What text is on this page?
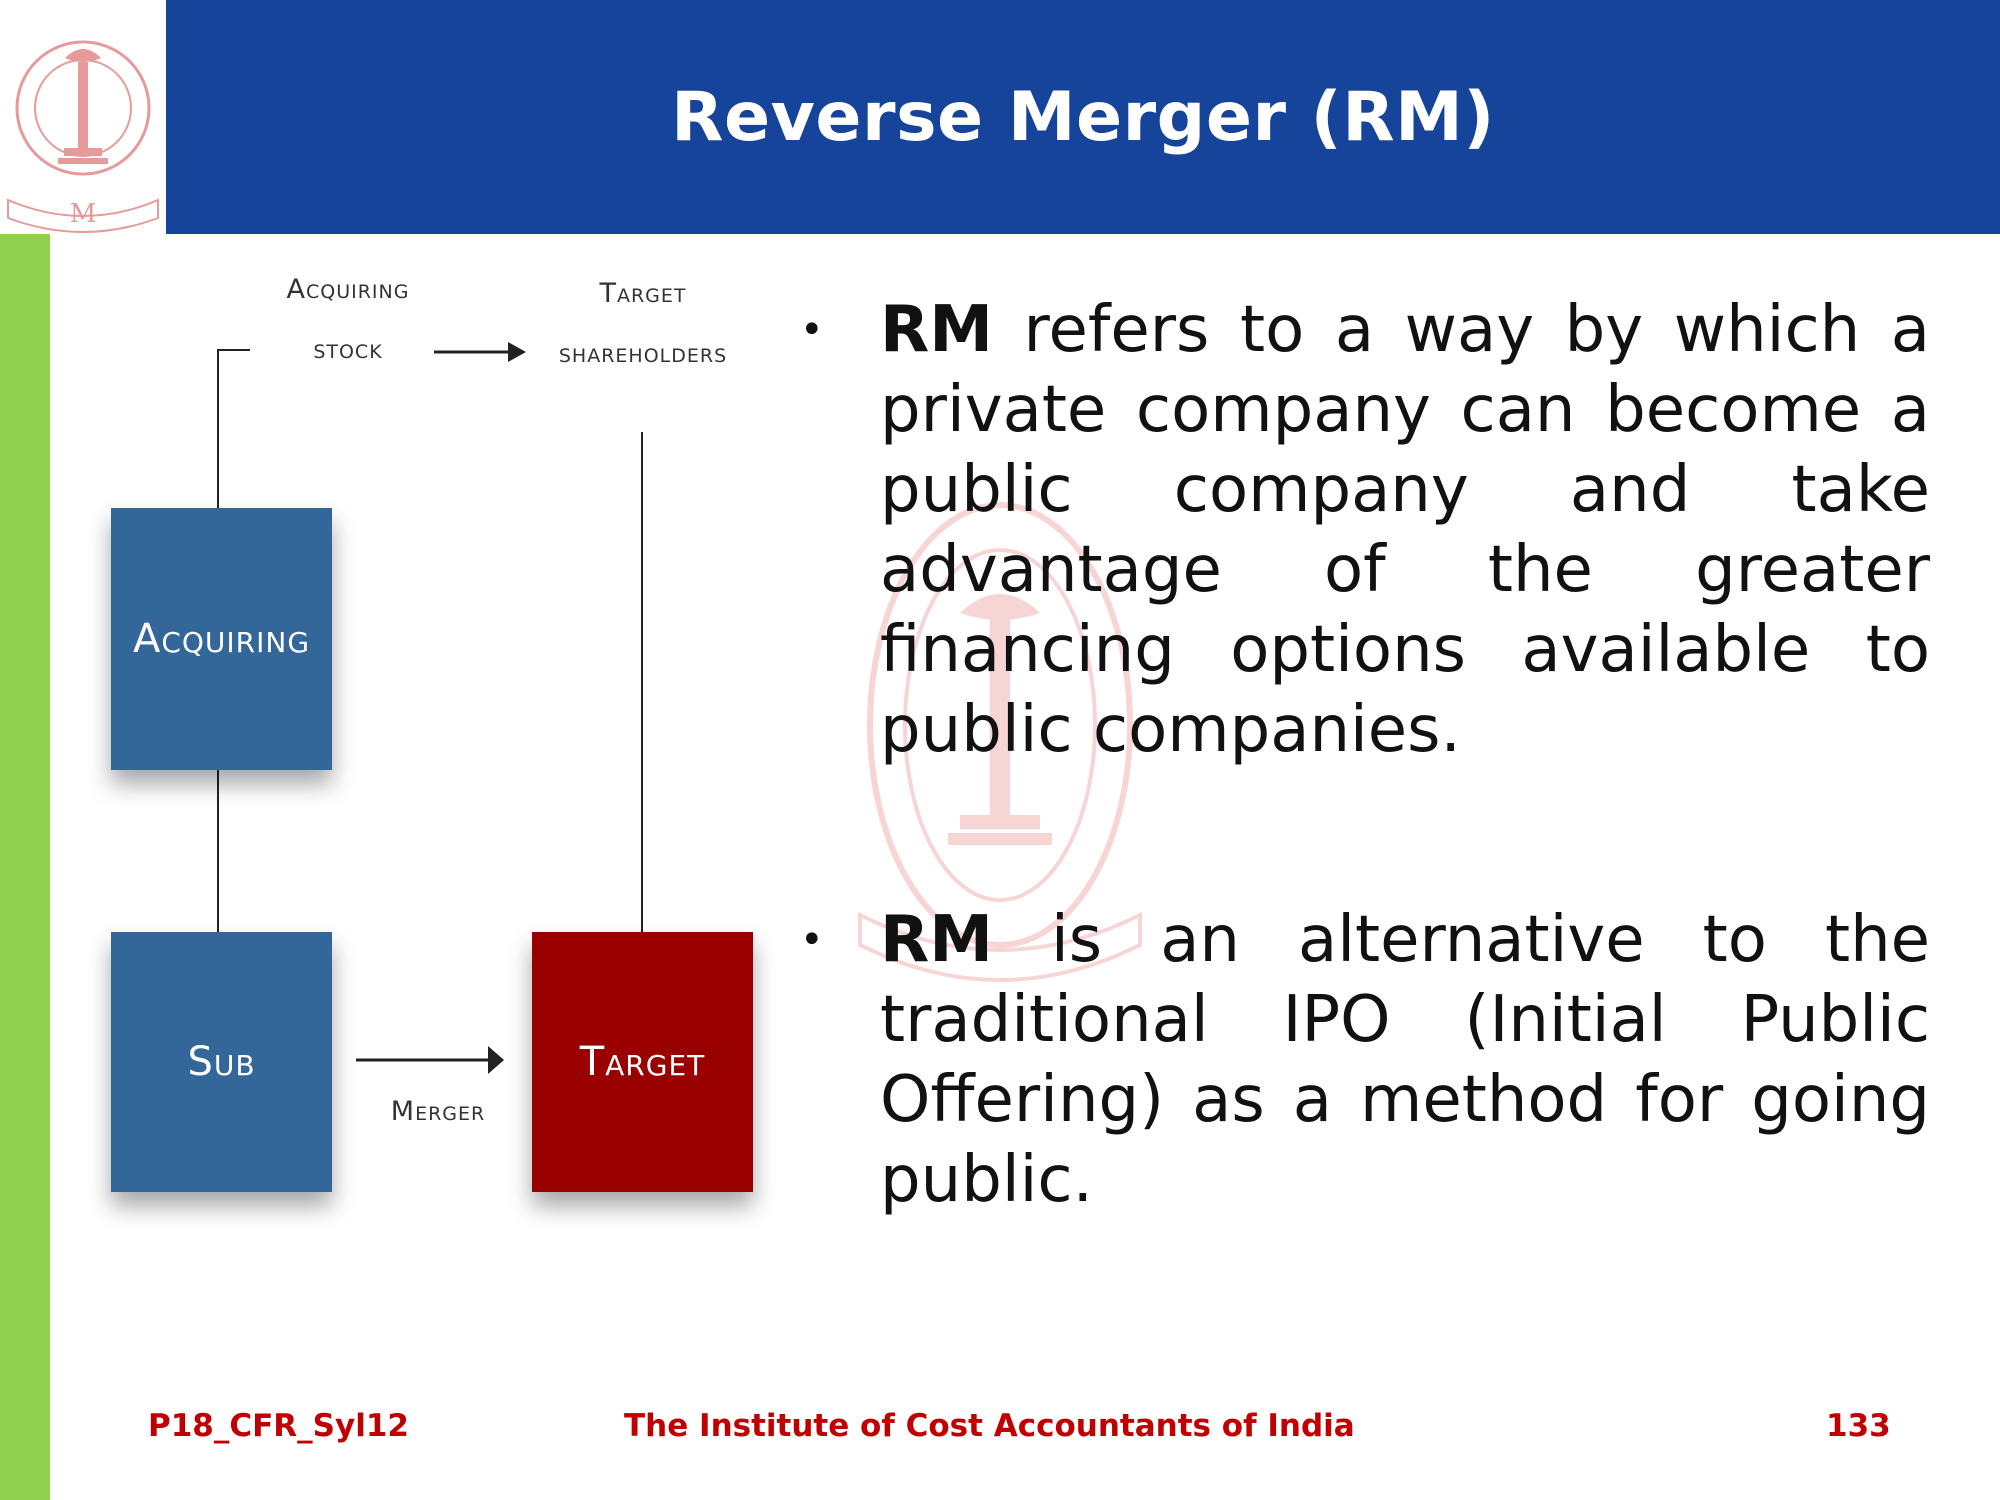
M
Reverse Merger (RM)
Acquiring
stock
Target
shareholders
Acquiring
Sub	Target
Merger
• RM refers to a way by which a private company can become a public company and take advantage of the greater financing options available to public companies.
• RM is an alternative to the traditional IPO (Initial Public Offering) as a method for going public.
P18_CFR_Syl12	The Institute of Cost Accountants of India	133
